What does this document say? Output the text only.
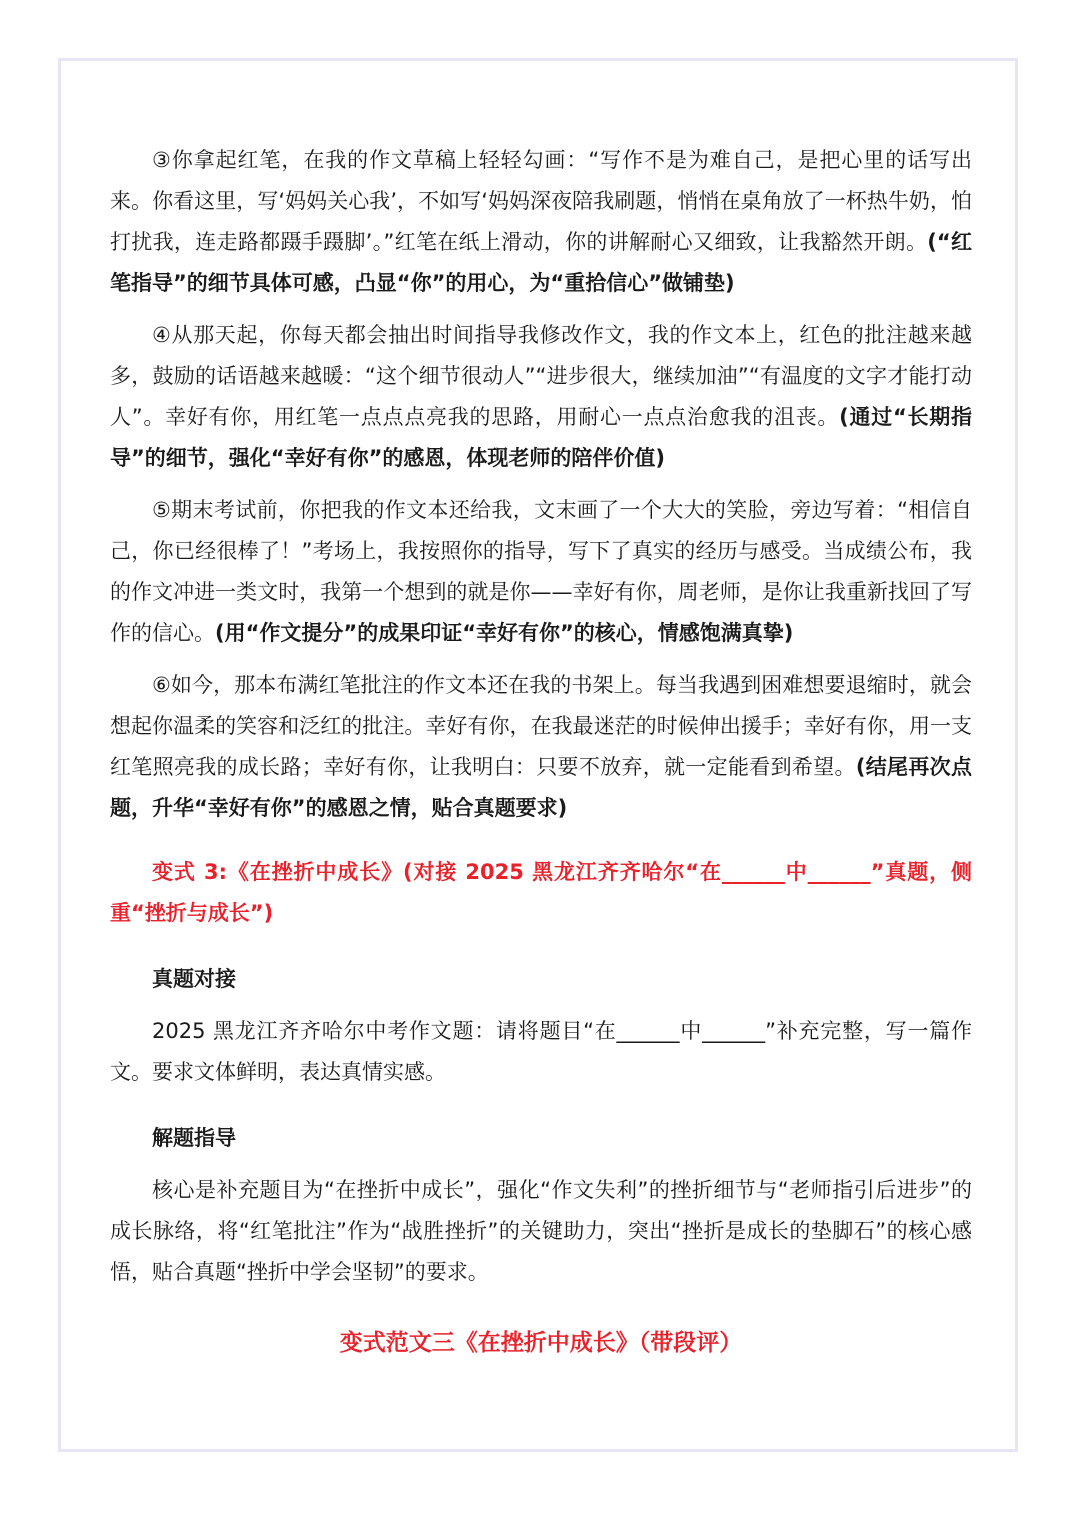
③你拿起红笔，在我的作文草稿上轻轻勾画：“写作不是为难自己，是把心里的话写出来。你看这里，写‘妈妈关心我’，不如写‘妈妈深夜陪我刷题，悄悄在桌角放了一杯热牛奶，怕打扰我，连走路都蹑手蹑脚’。”红笔在纸上滑动，你的讲解耐心又细致，让我豁然开朗。(“红笔指导”的细节具体可感，凸显“你”的用心，为“重拾信心”做铺垫)

④从那天起，你每天都会抽出时间指导我修改作文，我的作文本上，红色的批注越来越多，鼓励的话语越来越暖：“这个细节很动人”“进步很大，继续加油”“有温度的文字才能打动人”。幸好有你，用红笔一点点点亮我的思路，用耐心一点点治愈我的沮丧。(通过“长期指导”的细节，强化“幸好有你”的感恩，体现老师的陪伴价值)

⑤期末考试前，你把我的作文本还给我，文末画了一个大大的笑脸，旁边写着：“相信自己，你已经很棒了！”考场上，我按照你的指导，写下了真实的经历与感受。当成绩公布，我的作文冲进一类文时，我第一个想到的就是你——幸好有你，周老师，是你让我重新找回了写作的信心。(用“作文提分”的成果印证“幸好有你”的核心，情感饱满真挚)

⑥如今，那本布满红笔批注的作文本还在我的书架上。每当我遇到困难想要退缩时，就会想起你温柔的笑容和泛红的批注。幸好有你，在我最迷茫的时候伸出援手；幸好有你，用一支红笔照亮我的成长路；幸好有你，让我明白：只要不放弃，就一定能看到希望。(结尾再次点题，升华“幸好有你”的感恩之情，贴合真题要求)

变式 3:《在挫折中成长》(对接 2025 黑龙江齐齐哈尔“在______中______”真题，侧重“挫折与成长”)

真题对接

2025 黑龙江齐齐哈尔中考作文题：请将题目“在______中______”补充完整，写一篇作文。要求文体鲜明，表达真情实感。

解题指导

核心是补充题目为“在挫折中成长”，强化“作文失利”的挫折细节与“老师指引后进步”的成长脉络，将“红笔批注”作为“战胜挫折”的关键助力，突出“挫折是成长的垫脚石”的核心感悟，贴合真题“挫折中学会坚韧”的要求。

变式范文三《在挫折中成长》（带段评）
